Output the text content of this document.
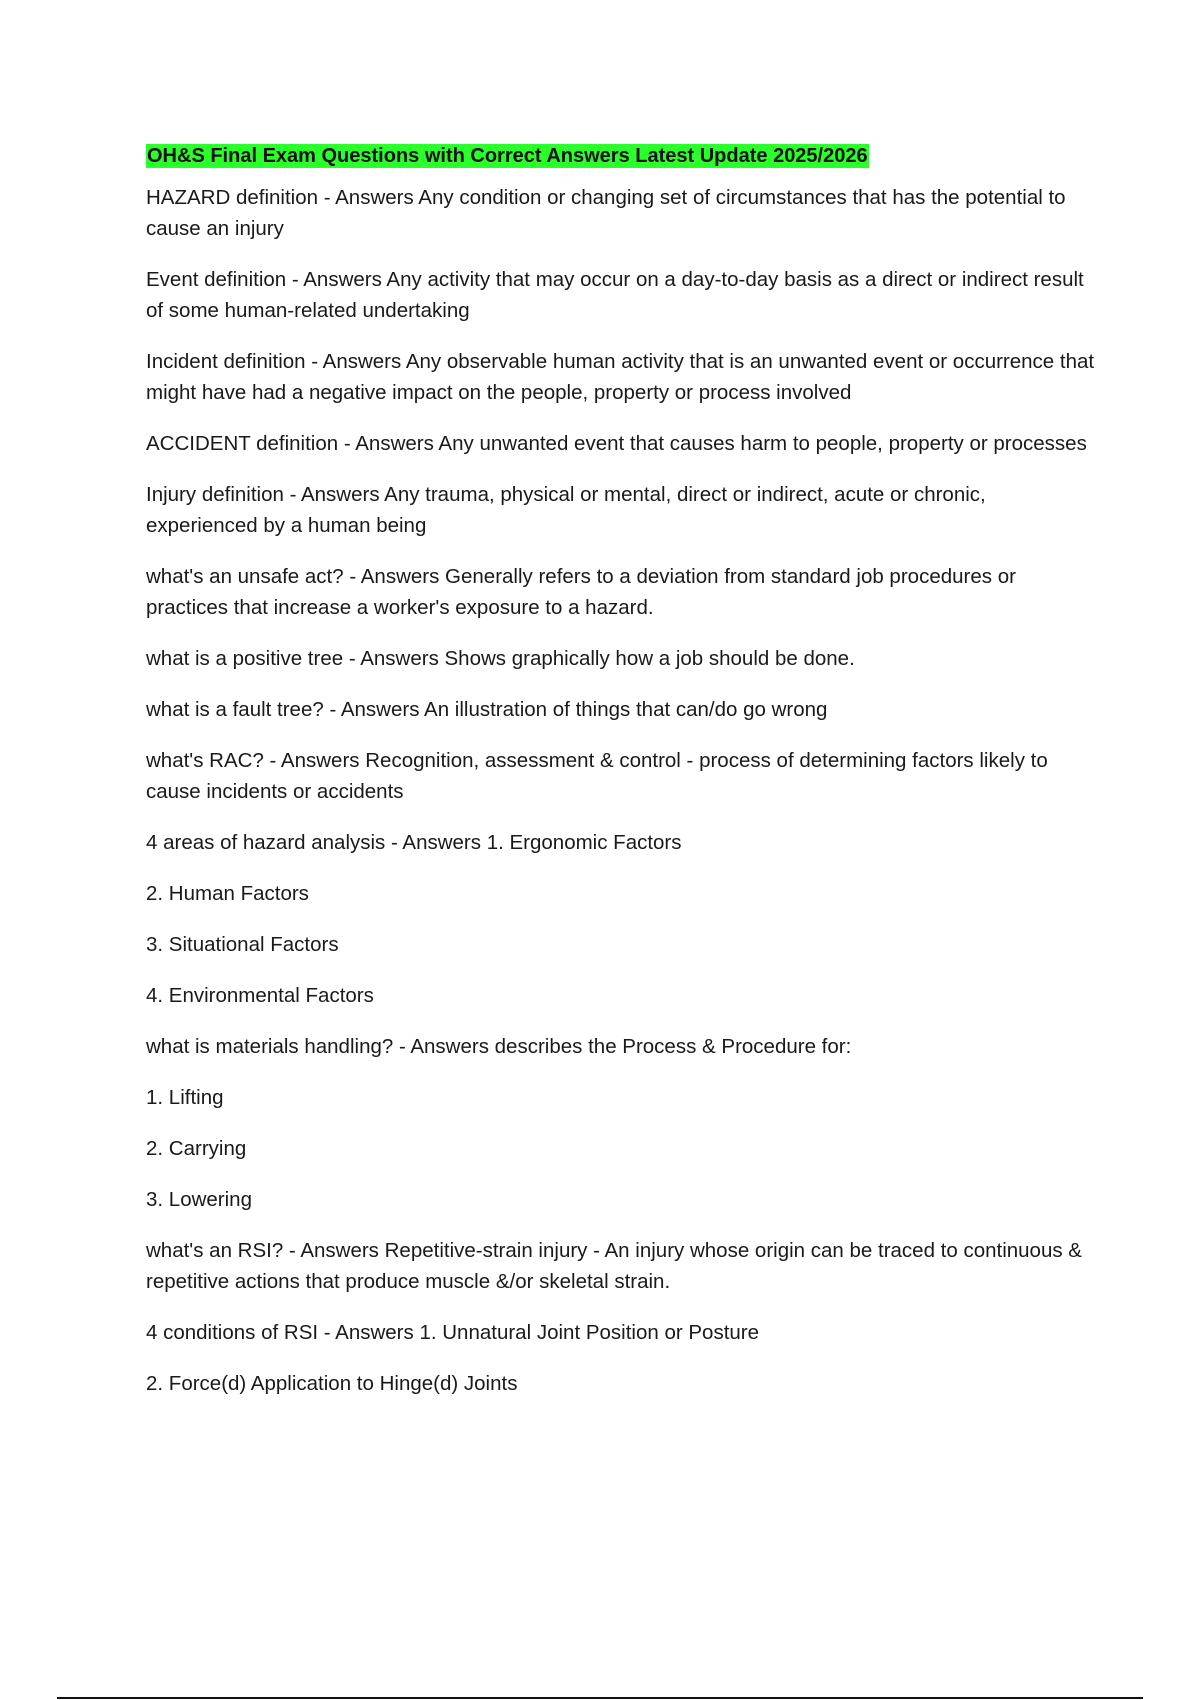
OH&S Final Exam Questions with Correct Answers Latest Update 2025/2026

HAZARD definition - Answers Any condition or changing set of circumstances that has the potential to cause an injury

Event definition - Answers Any activity that may occur on a day-to-day basis as a direct or indirect result of some human-related undertaking

Incident definition - Answers Any observable human activity that is an unwanted event or occurrence that might have had a negative impact on the people, property or process involved

ACCIDENT definition - Answers Any unwanted event that causes harm to people, property or processes

Injury definition - Answers Any trauma, physical or mental, direct or indirect, acute or chronic, experienced by a human being

what's an unsafe act? - Answers Generally refers to a deviation from standard job procedures or practices that increase a worker's exposure to a hazard.

what is a positive tree - Answers Shows graphically how a job should be done.

what is a fault tree? - Answers An illustration of things that can/do go wrong

what's RAC? - Answers Recognition, assessment & control - process of determining factors likely to cause incidents or accidents

4 areas of hazard analysis - Answers 1. Ergonomic Factors

2. Human Factors

3. Situational Factors

4. Environmental Factors

what is materials handling? - Answers describes the Process & Procedure for:

1. Lifting

2. Carrying

3. Lowering

what's an RSI? - Answers Repetitive-strain injury - An injury whose origin can be traced to continuous & repetitive actions that produce muscle &/or skeletal strain.

4 conditions of RSI - Answers 1. Unnatural Joint Position or Posture

2. Force(d) Application to Hinge(d) Joints
